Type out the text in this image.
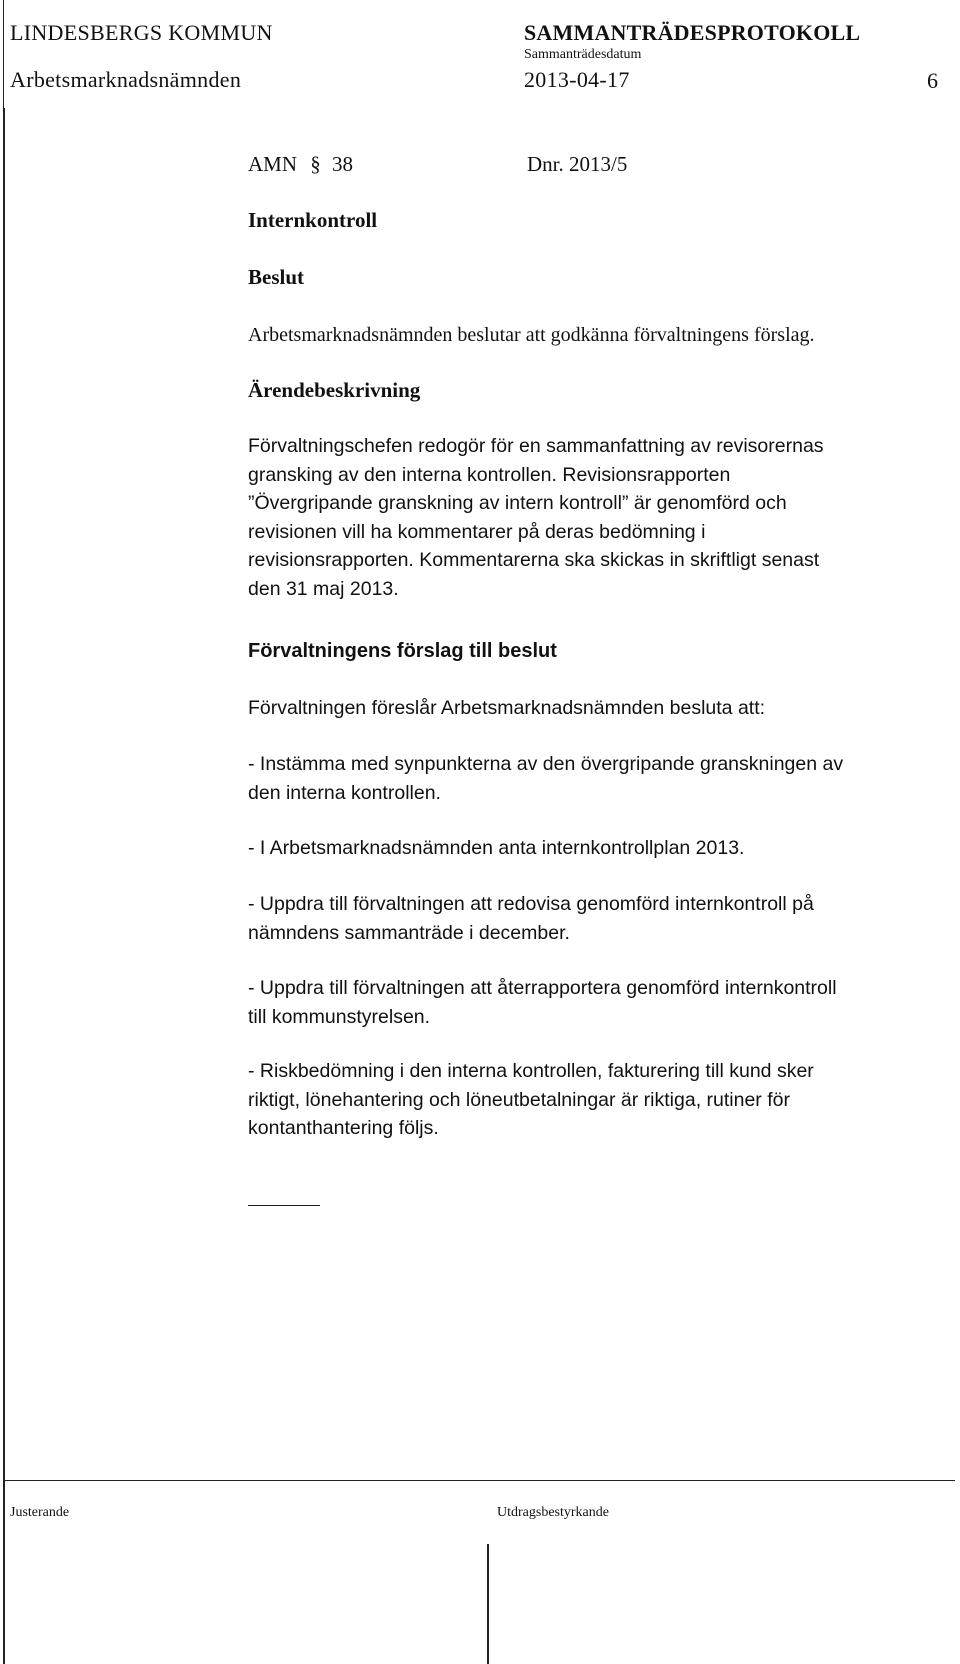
LINDESBERGS KOMMUN
Arbetsmarknadsnämnden
SAMMANTRÄDESPROTOKOLL
Sammanträdesdatum
2013-04-17	6
AMN § 38	Dnr. 2013/5
Internkontroll
Beslut
Arbetsmarknadsnämnden beslutar att godkänna förvaltningens förslag.
Ärendebeskrivning

Förvaltningschefen redogör för en sammanfattning av revisorernas

gransking av den interna kontrollen. Revisionsrapporten

”Övergripande granskning av intern kontroll” är genomförd och

revisionen vill ha kommentarer på deras bedömning i

revisionsrapporten. Kommentarerna ska skickas in skriftligt senast

den 31 maj 2013.

Förvaltningens förslag till beslut
Förvaltningen föreslår Arbetsmarknadsnämnden besluta att:

- Instämma med synpunkterna av den övergripande granskningen av

den interna kontrollen.

- I Arbetsmarknadsnämnden anta internkontrollplan 2013.

- Uppdra till förvaltningen att redovisa genomförd internkontroll på

nämndens sammanträde i december.

- Uppdra till förvaltningen att återrapportera genomförd internkontroll

till kommunstyrelsen.

- Riskbedömning i den interna kontrollen, fakturering till kund sker

riktigt, lönehantering och löneutbetalningar är riktiga, rutiner för

kontanthantering följs.

Justerande	Utdragsbestyrkande
